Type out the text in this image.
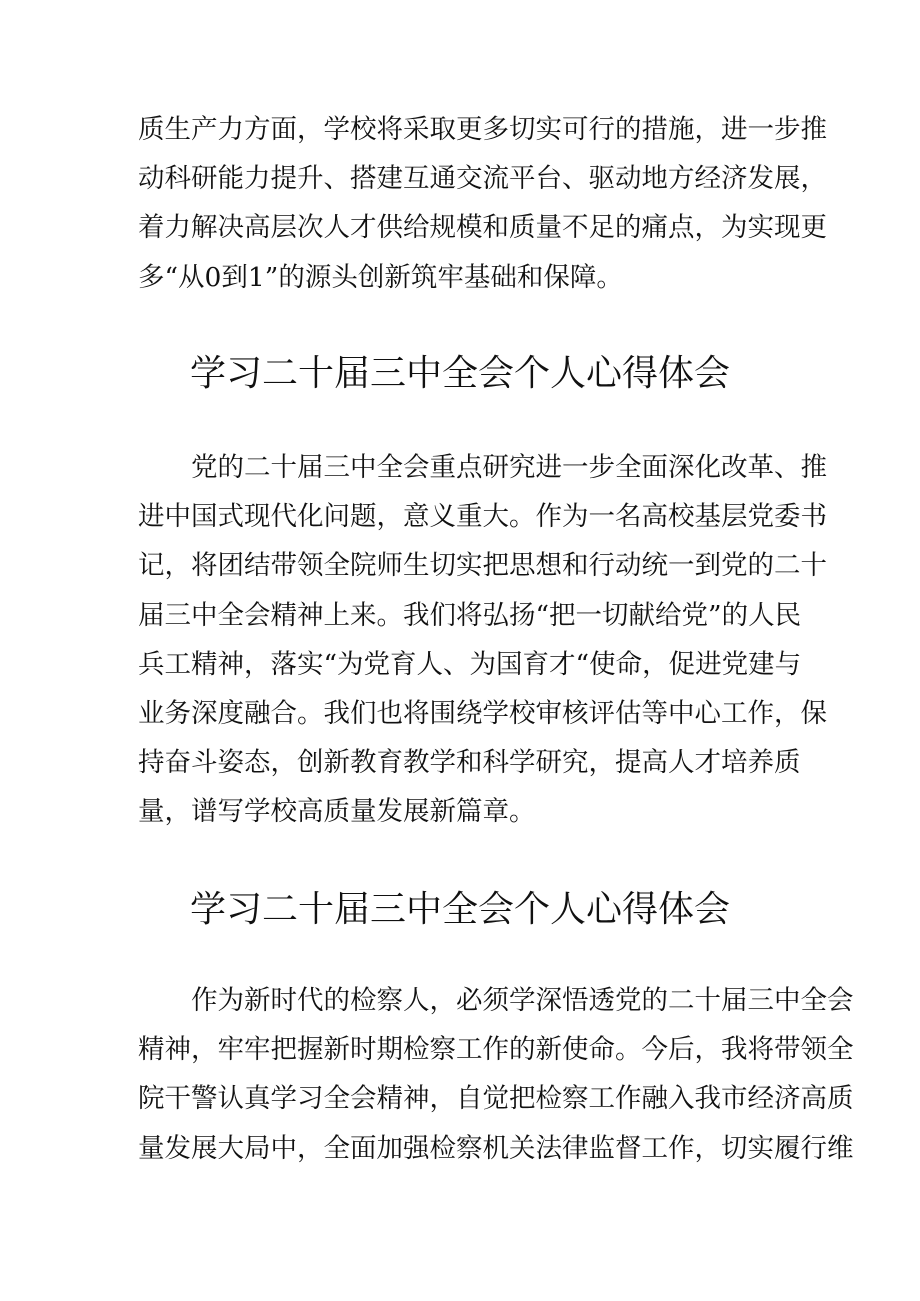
质生产力方面，学校将采取更多切实可行的措施，进一步推
动科研能力提升、搭建互通交流平台、驱动地方经济发展，
着力解决高层次人才供给规模和质量不足的痛点，为实现更
多“从0到1”的源头创新筑牢基础和保障。

学习二十届三中全会个人心得体会

　　党的二十届三中全会重点研究进一步全面深化改革、推
进中国式现代化问题，意义重大。作为一名高校基层党委书
记，将团结带领全院师生切实把思想和行动统一到党的二十
届三中全会精神上来。我们将弘扬“把一切献给党”的人民
兵工精神，落实“为党育人、为国育才“使命，促进党建与
业务深度融合。我们也将围绕学校审核评估等中心工作，保
持奋斗姿态，创新教育教学和科学研究，提高人才培养质
量，谱写学校高质量发展新篇章。

学习二十届三中全会个人心得体会

　　作为新时代的检察人，必须学深悟透党的二十届三中全会
精神，牢牢把握新时期检察工作的新使命。今后，我将带领全
院干警认真学习全会精神，自觉把检察工作融入我市经济高质
量发展大局中，全面加强检察机关法律监督工作，切实履行维
